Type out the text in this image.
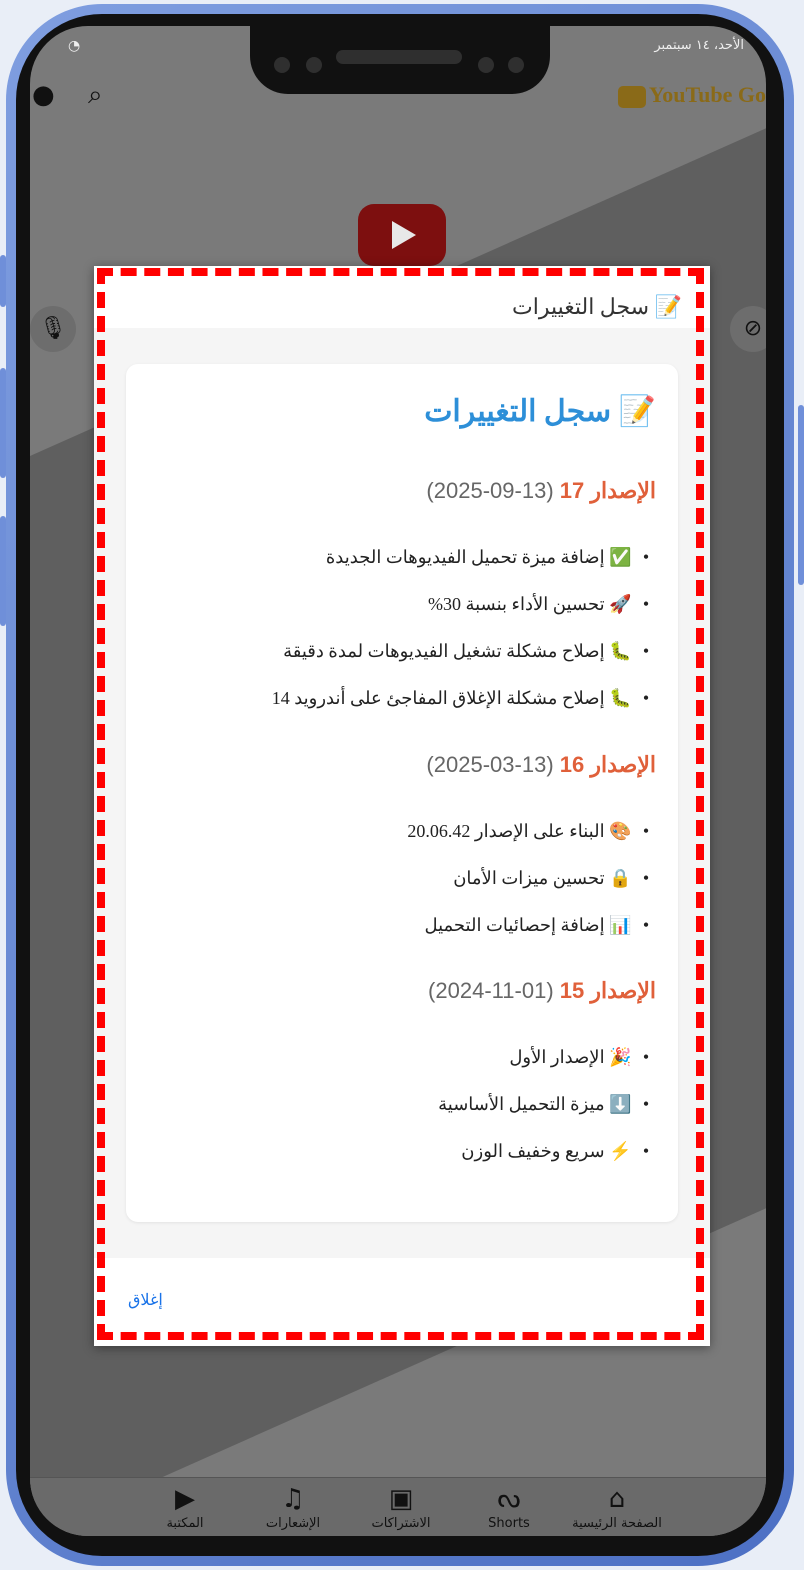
◔	الأحد، ١٤ سبتمبر
● ⌕	YouTube Go
🎙	⊘
⌂
الصفحة الرئيسية
ᔓ
Shorts
▣
الاشتراكات
♫
الإشعارات
▶
المكتبة
📝 سجل التغييرات
📝 سجل التغييرات
الإصدار 17 (13-09-2025)
• ✅ إضافة ميزة تحميل الفيديوهات الجديدة
• 🚀 تحسين الأداء بنسبة 30%
• 🐛 إصلاح مشكلة تشغيل الفيديوهات لمدة دقيقة
• 🐛 إصلاح مشكلة الإغلاق المفاجئ على أندرويد 14
الإصدار 16 (13-03-2025)
• 🎨 البناء على الإصدار 20.06.42
• 🔒 تحسين ميزات الأمان
• 📊 إضافة إحصائيات التحميل
الإصدار 15 (01-11-2024)
• 🎉 الإصدار الأول
• ⬇️ ميزة التحميل الأساسية
• ⚡ سريع وخفيف الوزن
إغلاق
